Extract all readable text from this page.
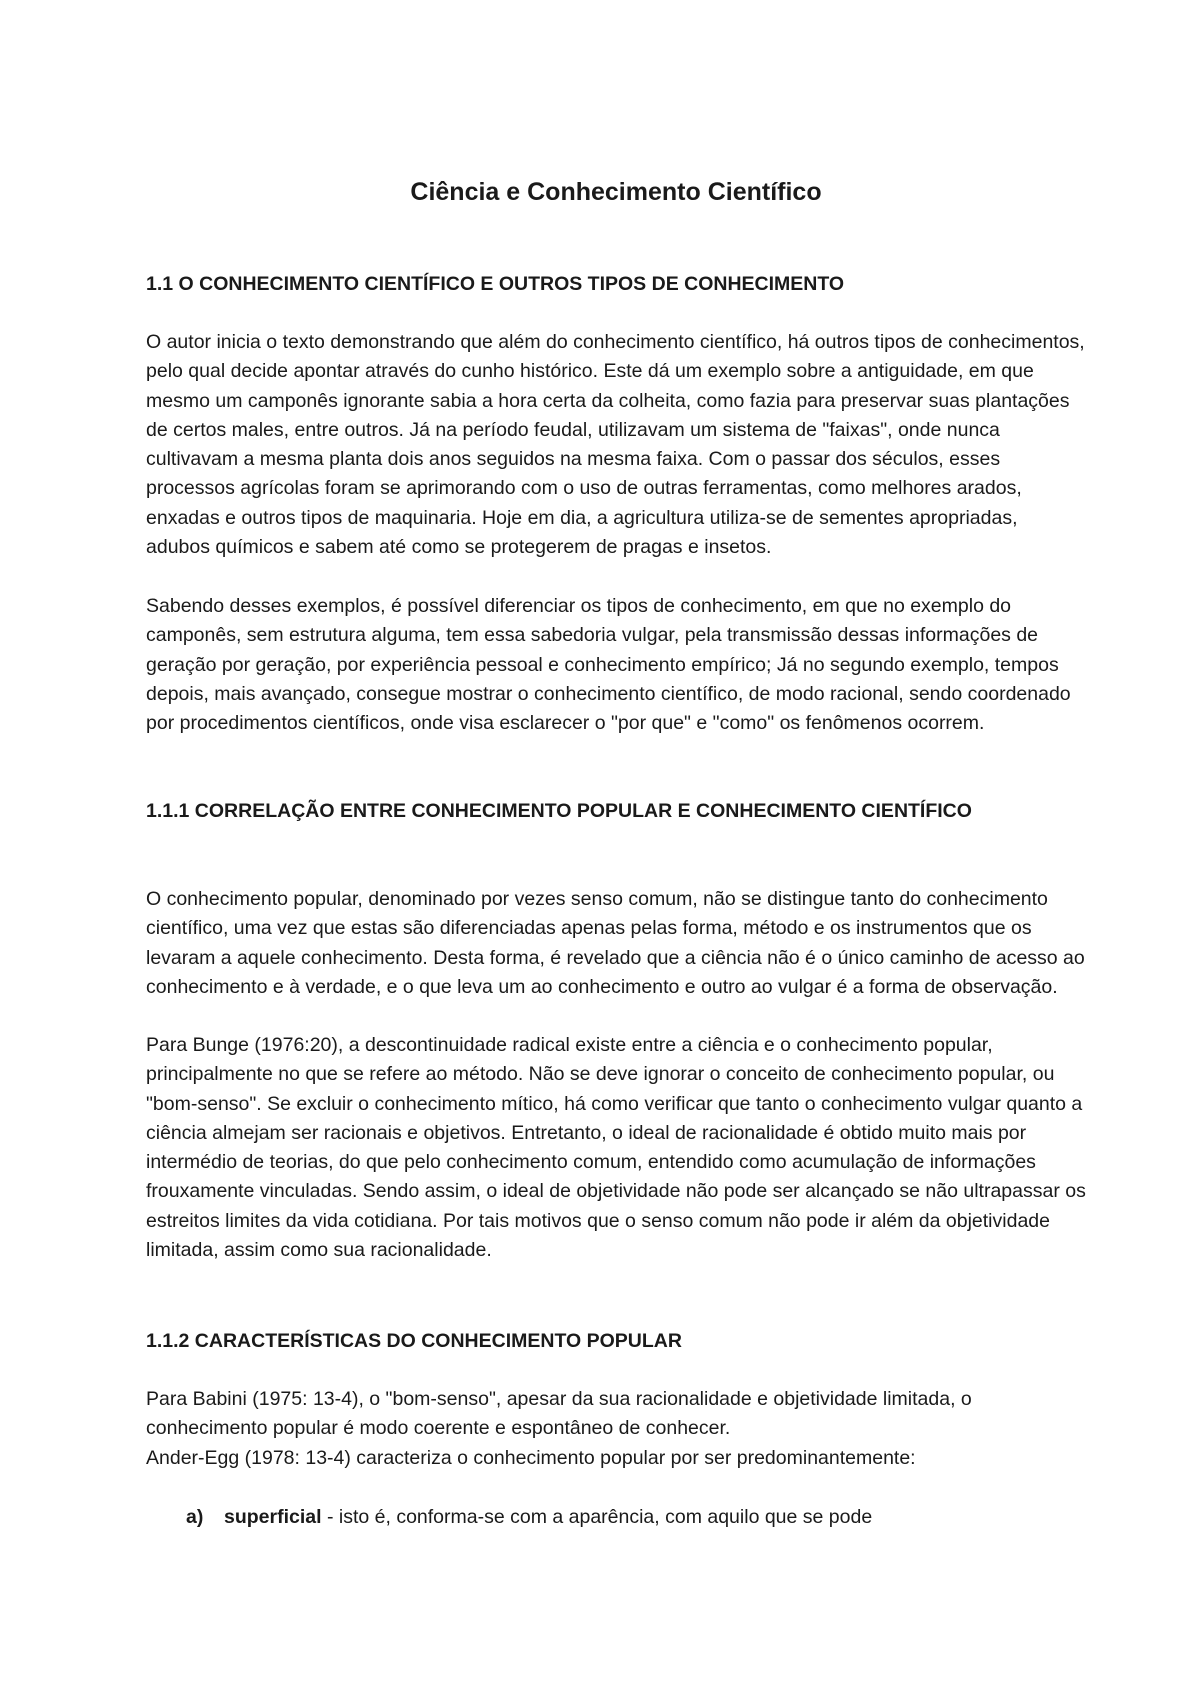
Ciência e Conhecimento Científico
1.1 O CONHECIMENTO CIENTÍFICO E OUTROS TIPOS DE CONHECIMENTO

O autor inicia o texto demonstrando que além do conhecimento científico, há outros tipos de conhecimentos, pelo qual decide apontar através do cunho histórico. Este dá um exemplo sobre a antiguidade, em que mesmo um camponês ignorante sabia a hora certa da colheita, como fazia para preservar suas plantações de certos males, entre outros. Já na período feudal, utilizavam um sistema de "faixas", onde nunca cultivavam a mesma planta dois anos seguidos na mesma faixa. Com o passar dos séculos, esses processos agrícolas foram se aprimorando com o uso de outras ferramentas, como melhores arados, enxadas e outros tipos de maquinaria. Hoje em dia, a agricultura utiliza-se de sementes apropriadas, adubos químicos e sabem até como se protegerem de pragas e insetos.

Sabendo desses exemplos, é possível diferenciar os tipos de conhecimento, em que no exemplo do camponês, sem estrutura alguma, tem essa sabedoria vulgar, pela transmissão dessas informações de geração por geração, por experiência pessoal e conhecimento empírico; Já no segundo exemplo, tempos depois, mais avançado, consegue mostrar o conhecimento científico, de modo racional, sendo coordenado por procedimentos científicos, onde visa esclarecer o "por que" e "como" os fenômenos ocorrem.

1.1.1 CORRELAÇÃO ENTRE CONHECIMENTO POPULAR E CONHECIMENTO CIENTÍFICO

O conhecimento popular, denominado por vezes senso comum, não se distingue tanto do conhecimento científico, uma vez que estas são diferenciadas apenas pelas forma, método e os instrumentos que os levaram a aquele conhecimento. Desta forma, é revelado que a ciência não é o único caminho de acesso ao conhecimento e à verdade, e o que leva um ao conhecimento e outro ao vulgar é a forma de observação.

Para Bunge (1976:20), a descontinuidade radical existe entre a ciência e o conhecimento popular, principalmente no que se refere ao método. Não se deve ignorar o conceito de conhecimento popular, ou "bom-senso". Se excluir o conhecimento mítico, há como verificar que tanto o conhecimento vulgar quanto a ciência almejam ser racionais e objetivos. Entretanto, o ideal de racionalidade é obtido muito mais por intermédio de teorias, do que pelo conhecimento comum, entendido como acumulação de informações frouxamente vinculadas. Sendo assim, o ideal de objetividade não pode ser alcançado se não ultrapassar os estreitos limites da vida cotidiana. Por tais motivos que o senso comum não pode ir além da objetividade limitada, assim como sua racionalidade.

1.1.2 CARACTERÍSTICAS DO CONHECIMENTO POPULAR

Para Babini (1975: 13-4), o "bom-senso", apesar da sua racionalidade e objetividade limitada, o conhecimento popular é modo coerente e espontâneo de conhecer.

Ander-Egg (1978: 13-4) caracteriza o conhecimento popular por ser predominantemente:

a) superficial - isto é, conforma-se com a aparência, com aquilo que se pode
